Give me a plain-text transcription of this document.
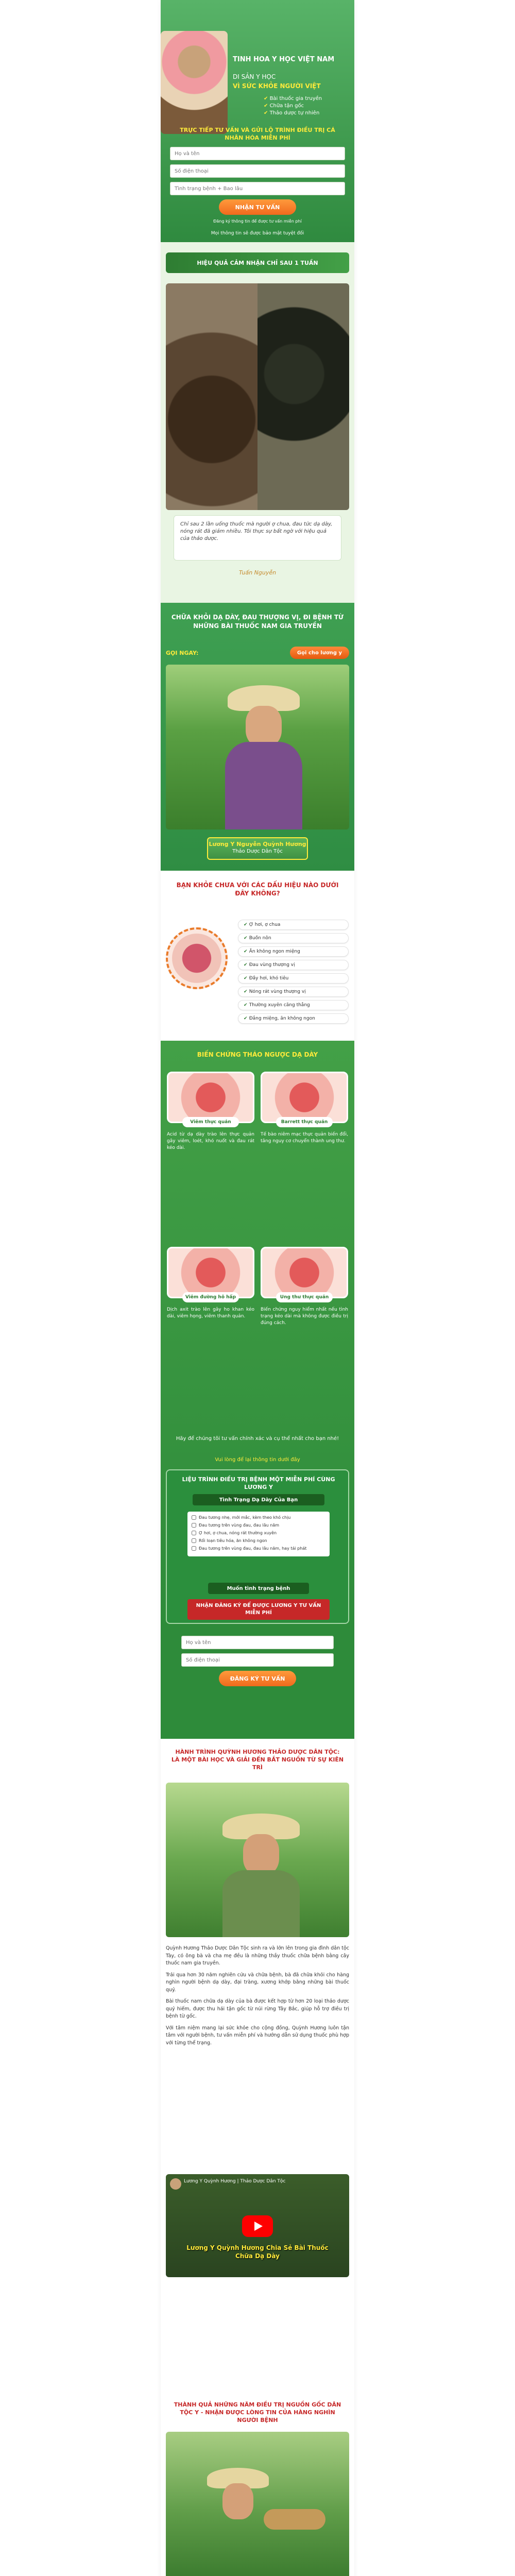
TINH HOA Y HỌC VIỆT NAM
DI SẢN Y HỌC
VÌ SỨC KHỎE NGƯỜI VIỆT
✔ Bài thuốc gia truyền
✔ Chữa tận gốc
✔ Thảo dược tự nhiên
TRỰC TIẾP TƯ VẤN VÀ GỬI LỘ TRÌNH ĐIỀU TRỊ CÁ NHÂN HÓA MIỄN PHÍ
Họ và tên
Số điện thoại
Tình trạng bệnh + Bao lâu
NHẬN TƯ VẤN
Đăng ký thông tin để được tư vấn miễn phí
Mọi thông tin sẽ được bảo mật tuyệt đối
HIỆU QUẢ CẢM NHẬN CHỈ SAU 1 TUẦN
Chỉ sau 2 lần uống thuốc mà người ợ chua, đau tức dạ dày, nóng rát đã giảm nhiều. Tôi thực sự bất ngờ với hiệu quả của thảo dược.
Tuấn Nguyễn
CHỮA KHỎI DẠ DÀY, ĐAU THƯỢNG VỊ, ĐI BỆNH TỪ NHỮNG BÀI THUỐC NAM GIA TRUYỀN
GỌI NGAY:	Gọi cho lương y
Lương Y Nguyễn Quỳnh Hương
Thảo Dược Dân Tộc
BẠN KHỎE CHƯA VỚI CÁC DẤU HIỆU NÀO DƯỚI ĐÂY KHÔNG?
✔ Ợ hơi, ợ chua
✔ Buồn nôn
✔ Ăn không ngon miệng
✔ Đau vùng thượng vị
✔ Đầy hơi, khó tiêu
✔ Nóng rát vùng thượng vị
✔ Thường xuyên căng thẳng
✔ Đắng miệng, ăn không ngon
BIẾN CHỨNG THÁO NGƯỢC DẠ DÀY
Viêm thực quản
Acid từ dạ dày trào lên thực quản gây viêm, loét, khó nuốt và đau rát kéo dài.
Barrett thực quản
Tế bào niêm mạc thực quản biến đổi, tăng nguy cơ chuyển thành ung thư.
Viêm đường hô hấp
Dịch axit trào lên gây ho khan kéo dài, viêm họng, viêm thanh quản.
Ung thư thực quản
Biến chứng nguy hiểm nhất nếu tình trạng kéo dài mà không được điều trị đúng cách.
Hãy để chúng tôi tư vấn chính xác và cụ thể nhất cho bạn nhé!
Vui lòng để lại thông tin dưới đây
LIỆU TRÌNH ĐIỀU TRỊ BỆNH MỘT MIỄN PHÍ CÙNG LƯƠNG Y
Tình Trạng Dạ Dày Của Bạn
Đau tương nhẹ, mới mắc, kèm theo khó chịu
Đau tương trên vùng đau, đau lâu năm
Ợ hơi, ợ chua, nóng rát thường xuyên
Rối loạn tiêu hóa, ăn không ngon
Đau tương trên vùng đau, đau lâu năm, hay tái phát
Muốn tình trạng bệnh
NHẬN ĐĂNG KÝ ĐỂ ĐƯỢC LƯƠNG Y TƯ VẤN MIỄN PHÍ
Họ và tên
Số điện thoại
ĐĂNG KÝ TƯ VẤN
HÀNH TRÌNH QUỲNH HƯƠNG THẢO DƯỢC DÂN TỘC: LÀ MỘT BÀI HỌC VÀ GIẢI ĐẾN BẮT NGUỒN TỪ SỰ KIÊN TRÌ

Quỳnh Hương Thảo Dược Dân Tộc sinh ra và lớn lên trong gia đình dân tộc Tày, có ông bà và cha mẹ đều là những thầy thuốc chữa bệnh bằng cây thuốc nam gia truyền.

Trải qua hơn 30 năm nghiên cứu và chữa bệnh, bà đã chữa khỏi cho hàng nghìn người bệnh dạ dày, đại tràng, xương khớp bằng những bài thuốc quý.

Bài thuốc nam chữa dạ dày của bà được kết hợp từ hơn 20 loại thảo dược quý hiếm, được thu hái tận gốc từ núi rừng Tây Bắc, giúp hỗ trợ điều trị bệnh từ gốc.

Với tâm niệm mang lại sức khỏe cho cộng đồng, Quỳnh Hương luôn tận tâm với người bệnh, tư vấn miễn phí và hướng dẫn sử dụng thuốc phù hợp với từng thể trạng.

Lương Y Quỳnh Hương | Thảo Dược Dân Tộc
Lương Y Quỳnh Hương Chia Sẻ Bài Thuốc Chữa Dạ Dày
THÀNH QUẢ NHỮNG NĂM ĐIỀU TRỊ NGUỒN GỐC DÂN TỘC Y - NHẬN ĐƯỢC LÒNG TIN CỦA HÀNG NGHÌN NGƯỜI BỆNH
